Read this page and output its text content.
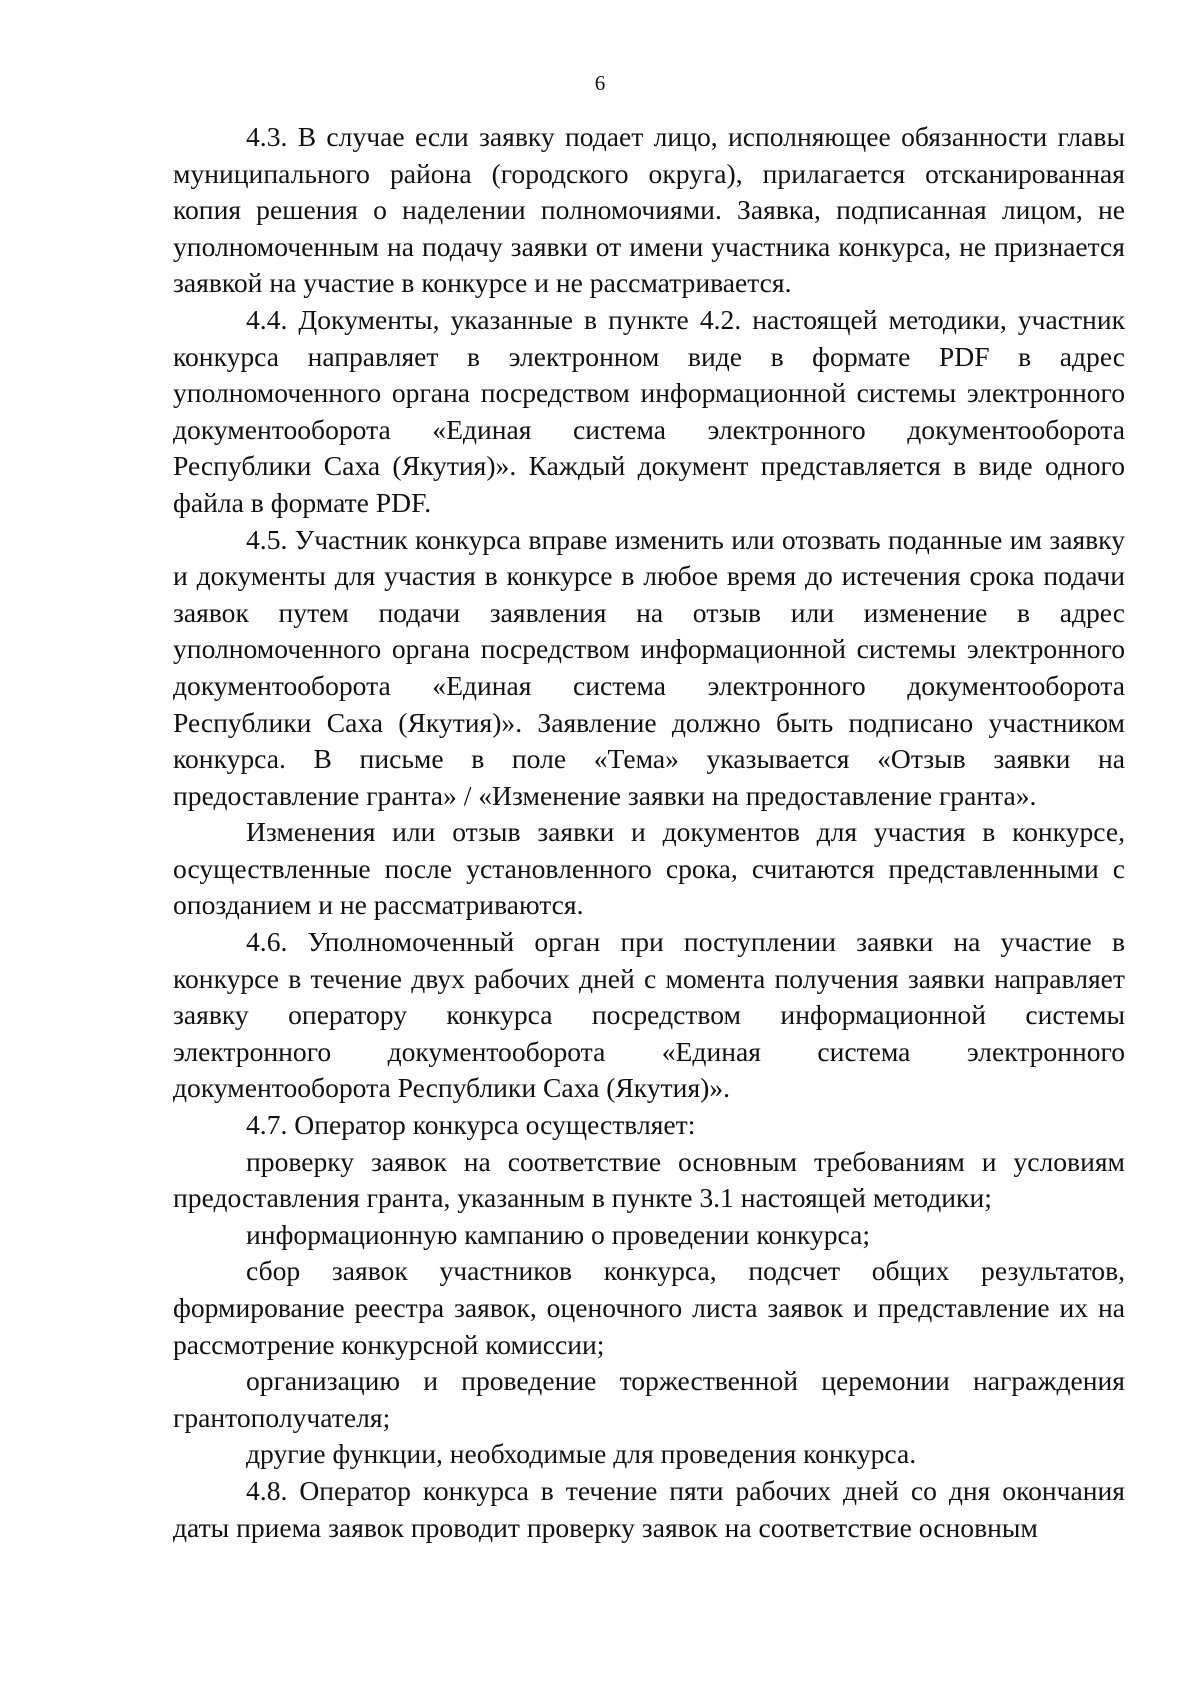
6

4.3. В случае если заявку подает лицо, исполняющее обязанности главы муниципального района (городского округа), прилагается отсканированная копия решения о наделении полномочиями. Заявка, подписанная лицом, не уполномоченным на подачу заявки от имени участника конкурса, не признается заявкой на участие в конкурсе и не рассматривается.

4.4. Документы, указанные в пункте 4.2. настоящей методики, участник конкурса направляет в электронном виде в формате PDF в адрес уполномоченного органа посредством информационной системы электронного документооборота «Единая система электронного документооборота Республики Саха (Якутия)». Каждый документ представляется в виде одного файла в формате PDF.

4.5. Участник конкурса вправе изменить или отозвать поданные им заявку и документы для участия в конкурсе в любое время до истечения срока подачи заявок путем подачи заявления на отзыв или изменение в адрес уполномоченного органа посредством информационной системы электронного документооборота «Единая система электронного документооборота Республики Саха (Якутия)». Заявление должно быть подписано участником конкурса. В письме в поле «Тема» указывается «Отзыв заявки на предоставление гранта» / «Изменение заявки на предоставление гранта».

Изменения или отзыв заявки и документов для участия в конкурсе, осуществленные после установленного срока, считаются представленными с опозданием и не рассматриваются.

4.6. Уполномоченный орган при поступлении заявки на участие в конкурсе в течение двух рабочих дней с момента получения заявки направляет заявку оператору конкурса посредством информационной системы электронного документооборота «Единая система электронного документооборота Республики Саха (Якутия)».

4.7. Оператор конкурса осуществляет:

проверку заявок на соответствие основным требованиям и условиям предоставления гранта, указанным в пункте 3.1 настоящей методики;

информационную кампанию о проведении конкурса;

сбор заявок участников конкурса, подсчет общих результатов, формирование реестра заявок, оценочного листа заявок и представление их на рассмотрение конкурсной комиссии;

организацию и проведение торжественной церемонии награждения грантополучателя;

другие функции, необходимые для проведения конкурса.

4.8. Оператор конкурса в течение пяти рабочих дней со дня окончания даты приема заявок проводит проверку заявок на соответствие основным
